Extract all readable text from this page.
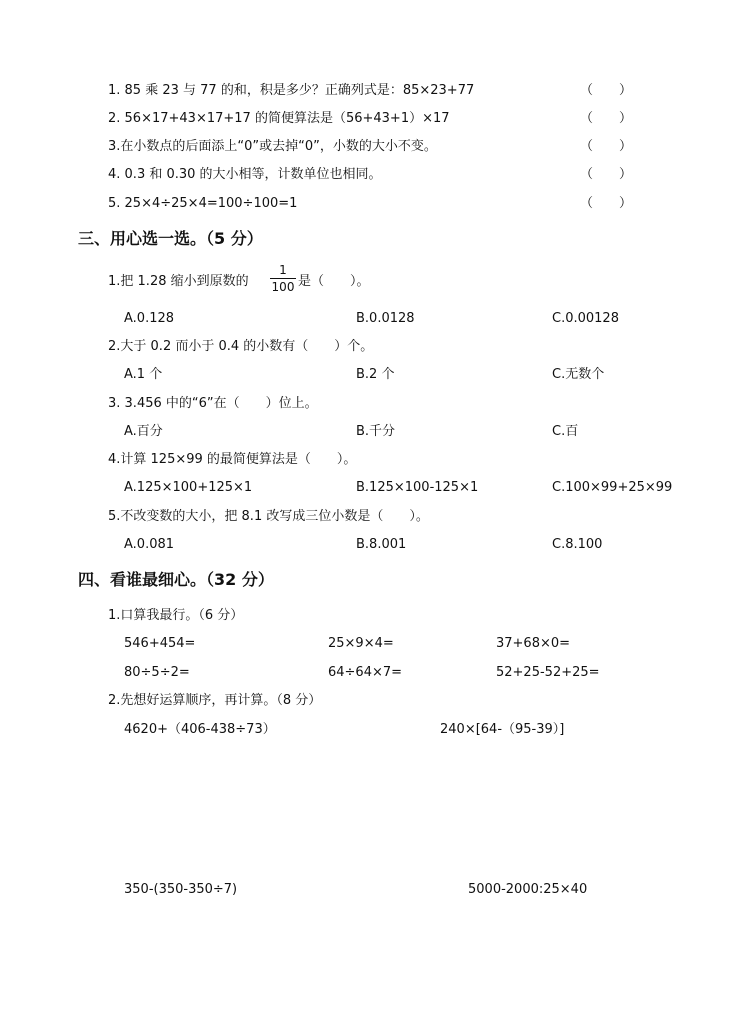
1. 85 乘 23 与 77 的和，积是多少？正确列式是：85×23+77	（　　）
2. 56×17+43×17+17 的简便算法是（56+43+1）×17	（　　）
3.在小数点的后面添上“0”或去掉“0”，小数的大小不变。	（　　）
4. 0.3 和 0.30 的大小相等，计数单位也相同。	（　　）
5. 25×4÷25×4=100÷100=1	（　　）
三、用心选一选。（5 分）
1.把 1.28 缩小到原数的
1
100 是（　　）。
A.0.128	B.0.0128	C.0.00128
2.大于 0.2 而小于 0.4 的小数有（　　）个。
A.1 个	B.2 个	C.无数个
3. 3.456 中的“6”在（　　）位上。
A.百分	B.千分	C.百
4.计算 125×99 的最简便算法是（　　）。
A.125×100+125×1	B.125×100-125×1	C.100×99+25×99
5.不改变数的大小，把 8.1 改写成三位小数是（　　）。
A.0.081	B.8.001	C.8.100
四、看谁最细心。（32 分）
1.口算我最行。（6 分）
546+454=	25×9×4=	37+68×0=
80÷5÷2=	64÷64×7=	52+25-52+25=
2.先想好运算顺序，再计算。（8 分）
4620+（406-438÷73）	240×[64-（95-39）]
350-(350-350÷7)	5000-2000:25×40
